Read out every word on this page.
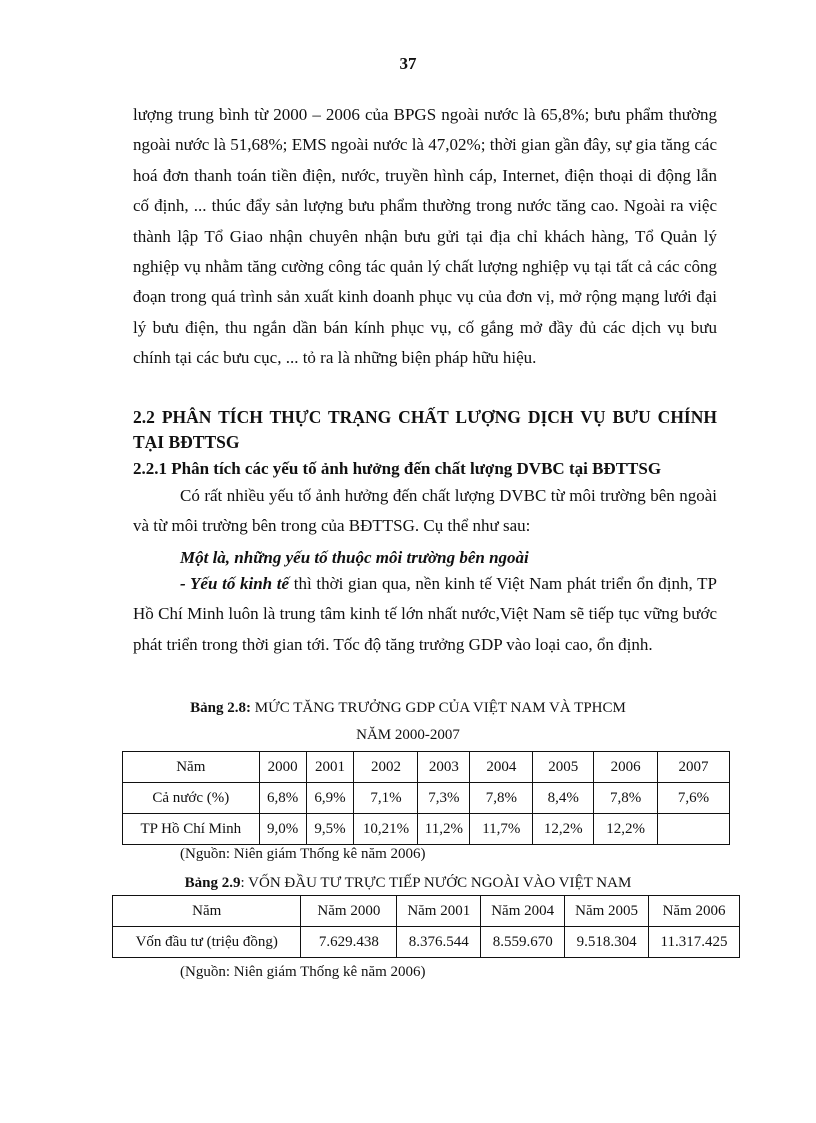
37

lượng trung bình từ 2000 – 2006 của BPGS ngoài nước là 65,8%; bưu phẩm thường ngoài nước là 51,68%; EMS ngoài nước là 47,02%; thời gian gần đây, sự gia tăng các hoá đơn thanh toán tiền điện, nước, truyền hình cáp, Internet, điện thoại di động lẫn cố định, ... thúc đẩy sản lượng bưu phẩm thường trong nước tăng cao. Ngoài ra việc thành lập Tổ Giao nhận chuyên nhận bưu gửi tại địa chỉ khách hàng, Tổ Quản lý nghiệp vụ nhằm tăng cường công tác quản lý chất lượng nghiệp vụ tại tất cả các công đoạn trong quá trình sản xuất kinh doanh phục vụ của đơn vị, mở rộng mạng lưới đại lý bưu điện, thu ngắn dần bán kính phục vụ, cố gắng mở đầy đủ các dịch vụ bưu chính tại các bưu cục, ... tỏ ra là những biện pháp hữu hiệu.

2.2 PHÂN TÍCH THỰC TRẠNG CHẤT LƯỢNG DỊCH VỤ BƯU CHÍNH TẠI BĐTTSG

2.2.1 Phân tích các yếu tố ảnh hưởng đến chất lượng DVBC tại BĐTTSG

Có rất nhiều yếu tố ảnh hưởng đến chất lượng DVBC từ môi trường bên ngoài và từ môi trường bên trong của BĐTTSG. Cụ thể như sau:

Một là, những yếu tố thuộc môi trường bên ngoài

- Yếu tố kinh tế thì thời gian qua, nền kinh tế Việt Nam phát triển ổn định, TP Hồ Chí Minh luôn là trung tâm kinh tế lớn nhất nước,Việt Nam sẽ tiếp tục vững bước phát triển trong thời gian tới. Tốc độ tăng trưởng GDP vào loại cao, ổn định.

Bảng 2.8: MỨC TĂNG TRƯỞNG GDP CỦA VIỆT NAM VÀ TPHCM

NĂM 2000-2007

Năm	2000	2001	2002	2003	2004	2005	2006	2007
Cả nước (%)	6,8%	6,9%	7,1%	7,3%	7,8%	8,4%	7,8%	7,6%
TP Hồ Chí Minh	9,0%	9,5%	10,21%	11,2%	11,7%	12,2%	12,2%	

(Nguồn: Niên giám Thống kê năm 2006)

Bảng 2.9: VỐN ĐẦU TƯ TRỰC TIẾP NƯỚC NGOÀI VÀO VIỆT NAM

Năm	Năm 2000	Năm 2001	Năm 2004	Năm 2005	Năm 2006
Vốn đầu tư (triệu đồng)	7.629.438	8.376.544	8.559.670	9.518.304	11.317.425

(Nguồn: Niên giám Thống kê năm 2006)
